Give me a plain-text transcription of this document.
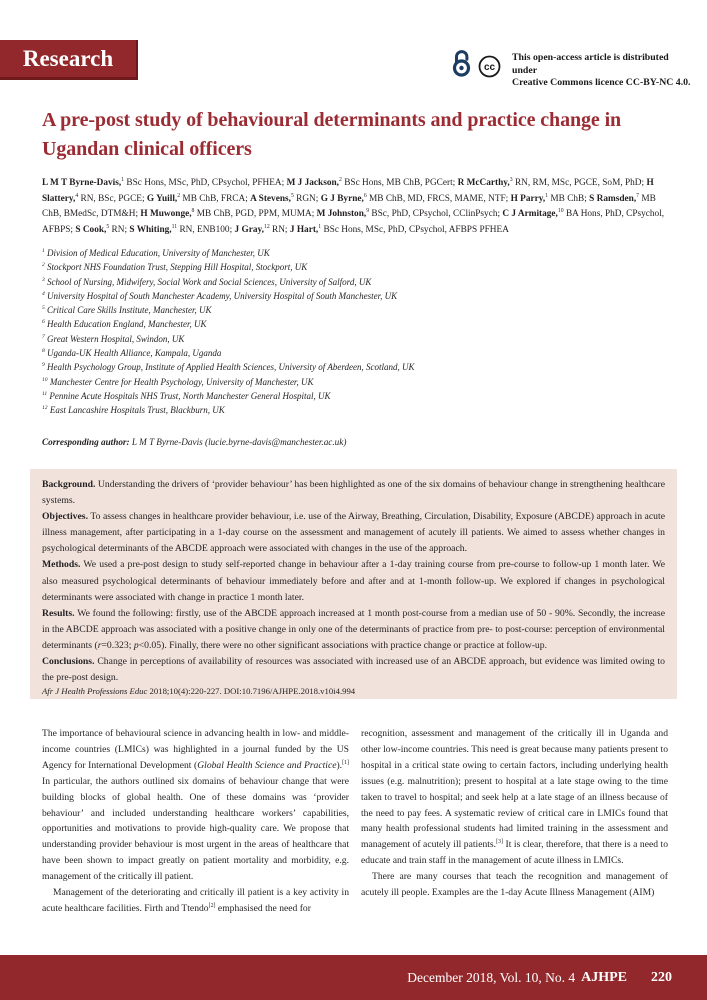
Research	cc
This open-access article is distributed under
Creative Commons licence CC-BY-NC 4.0.
A pre-post study of behavioural determinants and practice change in
Ugandan clinical officers
L M T Byrne-Davis,$^1$ BSc Hons, MSc, PhD, CPsychol, PFHEA; M J Jackson,$^2$ BSc Hons, MB ChB, PGCert; R McCarthy,$^3$ RN, RM, MSc, PGCE, SoM, PhD; H Slattery,$^4$ RN, BSc, PGCE; G Yuill,$^2$ MB ChB, FRCA; A Stevens,$^5$ RGN; G J Byrne,$^6$ MB ChB, MD, FRCS, MAME, NTF; H Parry,$^1$ MB ChB; S Ramsden,$^7$ MB ChB, BMedSc, DTM&H; H Muwonge,$^8$ MB ChB, PGD, PPM, MUMA; M Johnston,$^9$ BSc, PhD, CPsychol, CClinPsych; C J Armitage,$^{10}$ BA Hons, PhD, CPsychol, AFBPS; S Cook,$^5$ RN; S Whiting,$^{11}$ RN, ENB100; J Gray,$^{12}$ RN; J Hart,$^1$ BSc Hons, MSc, PhD, CPsychol, AFBPS PFHEA
$^1$ Division of Medical Education, University of Manchester, UK
$^2$ Stockport NHS Foundation Trust, Stepping Hill Hospital, Stockport, UK
$^3$ School of Nursing, Midwifery, Social Work and Social Sciences, University of Salford, UK
$^4$ University Hospital of South Manchester Academy, University Hospital of South Manchester, UK
$^5$ Critical Care Skills Institute, Manchester, UK
$^6$ Health Education England, Manchester, UK
$^7$ Great Western Hospital, Swindon, UK
$^8$ Uganda-UK Health Alliance, Kampala, Uganda
$^9$ Health Psychology Group, Institute of Applied Health Sciences, University of Aberdeen, Scotland, UK
$^{10}$ Manchester Centre for Health Psychology, University of Manchester, UK
$^{11}$ Pennine Acute Hospitals NHS Trust, North Manchester General Hospital, UK
$^{12}$ East Lancashire Hospitals Trust, Blackburn, UK
Corresponding author: L M T Byrne-Davis (lucie.byrne-davis@manchester.ac.uk)
Background. Understanding the drivers of ‘provider behaviour’ has been highlighted as one of the six domains of behaviour change in strengthening healthcare systems.
Objectives. To assess changes in healthcare provider behaviour, i.e. use of the Airway, Breathing, Circulation, Disability, Exposure (ABCDE) approach in acute illness management, after participating in a 1-day course on the assessment and management of acutely ill patients. We aimed to assess whether changes in psychological determinants of the ABCDE approach were associated with changes in the use of the approach.
Methods. We used a pre-post design to study self-reported change in behaviour after a 1-day training course from pre-course to follow-up 1 month later. We also measured psychological determinants of behaviour immediately before and after and at 1-month follow-up. We explored if changes in psychological determinants were associated with change in practice 1 month later.
Results. We found the following: firstly, use of the ABCDE approach increased at 1 month post-course from a median use of 50 - 90%. Secondly, the increase in the ABCDE approach was associated with a positive change in only one of the determinants of practice from pre- to post-course: perception of environmental determinants (r=0.323; p<0.05). Finally, there were no other significant associations with practice change or practice at follow-up.
Conclusions. Change in perceptions of availability of resources was associated with increased use of an ABCDE approach, but evidence was limited owing to the pre-post design.
Afr J Health Professions Educ 2018;10(4):220-227. DOI:10.7196/AJHPE.2018.v10i4.994

The importance of behavioural science in advancing health in low- and middle-income countries (LMICs) was highlighted in a journal funded by the US Agency for International Development (Global Health Science and Practice).[1] In particular, the authors outlined six domains of behaviour change that were building blocks of global health. One of these domains was ‘provider behaviour’ and included understanding healthcare workers’ capabilities, opportunities and motivations to provide high-quality care. We propose that understanding provider behaviour is most urgent in the areas of healthcare that have been shown to impact greatly on patient mortality and morbidity, e.g. management of the critically ill patient.

Management of the deteriorating and critically ill patient is a key activity in acute healthcare facilities. Firth and Ttendo[2] emphasised the need for

recognition, assessment and management of the critically ill in Uganda and other low-income countries. This need is great because many patients present to hospital in a critical state owing to certain factors, including underlying health issues (e.g. malnutrition); present to hospital at a late stage owing to the time taken to travel to hospital; and seek help at a late stage of an illness because of the need to pay fees. A systematic review of critical care in LMICs found that many health professional students had limited training in the assessment and management of acutely ill patients.[3] It is clear, therefore, that there is a need to educate and train staff in the management of acute illness in LMICs.

There are many courses that teach the recognition and management of acutely ill people. Examples are the 1-day Acute Illness Management (AIM)

December 2018, Vol. 10, No. 4 AJHPE 220
